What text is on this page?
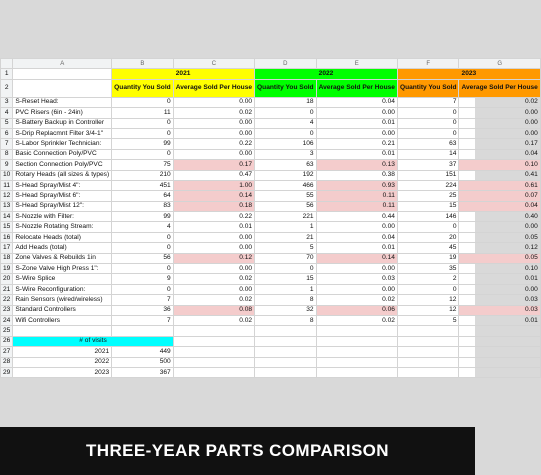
	A	B	C	D	E	F	G
1		2021		2022		2023	
2		Quantity You Sold	Average Sold Per House	Quantity You Sold	Average Sold Per House	Quantity You Sold	Average Sold Per House
3	S-Reset Head:	0	0.00	18	0.04	7	0.02
4	PVC Risers (6in - 24in)	11	0.02	0	0.00	0	0.00
5	S-Battery Backup in Controller	0	0.00	4	0.01	0	0.00
6	S-Drip Replacmnt Filter 3/4-1"	0	0.00	0	0.00	0	0.00
7	S-Labor Sprinkler Technician:	99	0.22	106	0.21	63	0.17
8	Basic Connection Poly/PVC	0	0.00	3	0.01	14	0.04
9	Section Connection Poly/PVC	75	0.17	63	0.13	37	0.10
10	Rotary Heads (all sizes & types)	210	0.47	192	0.38	151	0.41
11	S-Head Spray/Mist 4":	451	1.00	466	0.93	224	0.61
12	S-Head Spray/Mist 6":	64	0.14	55	0.11	25	0.07
13	S-Head Spray/Mist 12":	83	0.18	56	0.11	15	0.04
14	S-Nozzle with Filter:	99	0.22	221	0.44	146	0.40
15	S-Nozzle Rotating Stream:	4	0.01	1	0.00	0	0.00
16	Relocate Heads (total)	0	0.00	21	0.04	20	0.05
17	Add Heads (total)	0	0.00	5	0.01	45	0.12
18	Zone Valves & Rebuilds 1in	56	0.12	70	0.14	19	0.05
19	S-Zone Valve High Press 1":	0	0.00	0	0.00	35	0.10
20	S-Wire Splice	9	0.02	15	0.03	2	0.01
21	S-Wire Reconfiguration:	0	0.00	1	0.00	0	0.00
22	Rain Sensors (wired/wireless)	7	0.02	8	0.02	12	0.03
23	Standard Controllers	36	0.08	32	0.06	12	0.03
24	Wifi Controllers	7	0.02	8	0.02	5	0.01
25							
26	# of visits						
27	2021	449					
28	2022	500					
29	2023	367					
THREE-YEAR PARTS COMPARISON
